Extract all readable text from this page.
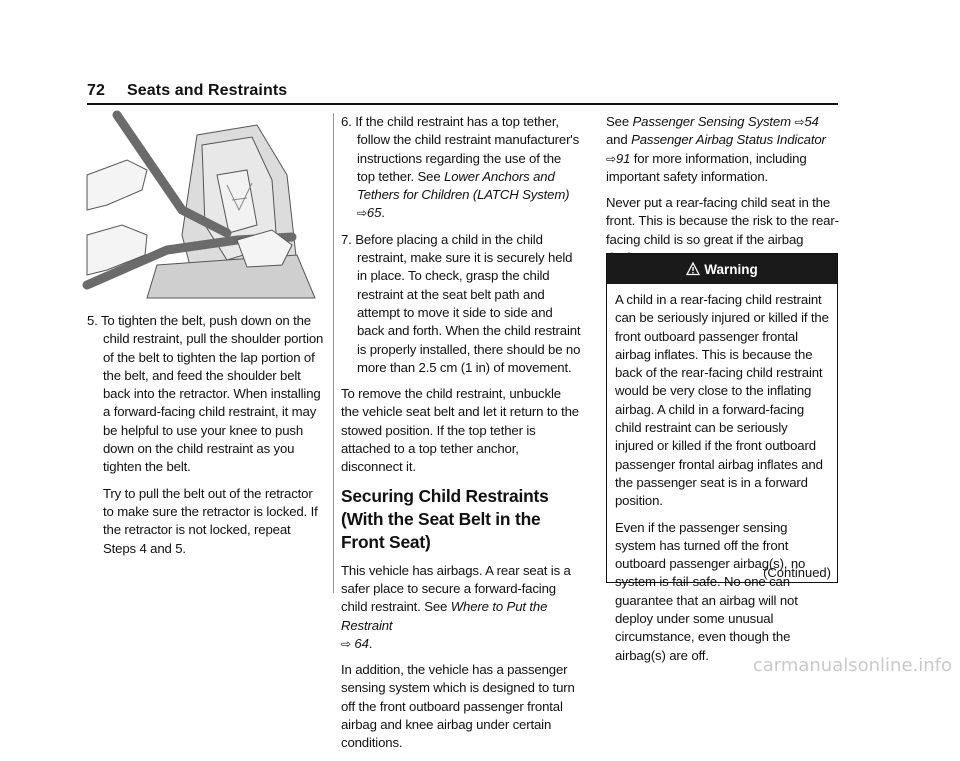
72 Seats and Restraints
5. To tighten the belt, push down on the child restraint, pull the shoulder portion of the belt to tighten the lap portion of the belt, and feed the shoulder belt back into the retractor. When installing a forward-facing child restraint, it may be helpful to use your knee to push down on the child restraint as you tighten the belt.

Try to pull the belt out of the retractor to make sure the retractor is locked. If the retractor is not locked, repeat Steps 4 and 5.

6. If the child restraint has a top tether, follow the child restraint manufacturer's instructions regarding the use of the top tether. See Lower Anchors and Tethers for Children (LATCH System) ⇨65.
7. Before placing a child in the child restraint, make sure it is securely held in place. To check, grasp the child restraint at the seat belt path and attempt to move it side to side and back and forth. When the child restraint is properly installed, there should be no more than 2.5 cm (1 in) of movement.

To remove the child restraint, unbuckle the vehicle seat belt and let it return to the stowed position. If the top tether is attached to a top tether anchor, disconnect it.

Securing Child Restraints (With the Seat Belt in the Front Seat)

This vehicle has airbags. A rear seat is a safer place to secure a forward-facing child restraint. See Where to Put the Restraint
⇨ 64.

In addition, the vehicle has a passenger sensing system which is designed to turn off the front outboard passenger frontal airbag and knee airbag under certain conditions.

See Passenger Sensing System ⇨54 and Passenger Airbag Status Indicator ⇨91 for more information, including important safety information.

Never put a rear-facing child seat in the front. This is because the risk to the rear-facing child is so great if the airbag

Warning

A child in a rear-facing child restraint can be seriously injured or killed if the front outboard passenger frontal airbag inflates. This is because the back of the rear-facing child restraint would be very close to the inflating airbag. A child in a forward-facing child restraint can be seriously injured or killed if the front outboard passenger frontal airbag inflates and the passenger seat is in a forward position.

Even if the passenger sensing system has turned off the front outboard passenger airbag(s), no system is fail-safe. No one can guarantee that an airbag will not deploy under some unusual circumstance, even though the airbag(s) are off.

(Continued)
carmanualsonline.info
